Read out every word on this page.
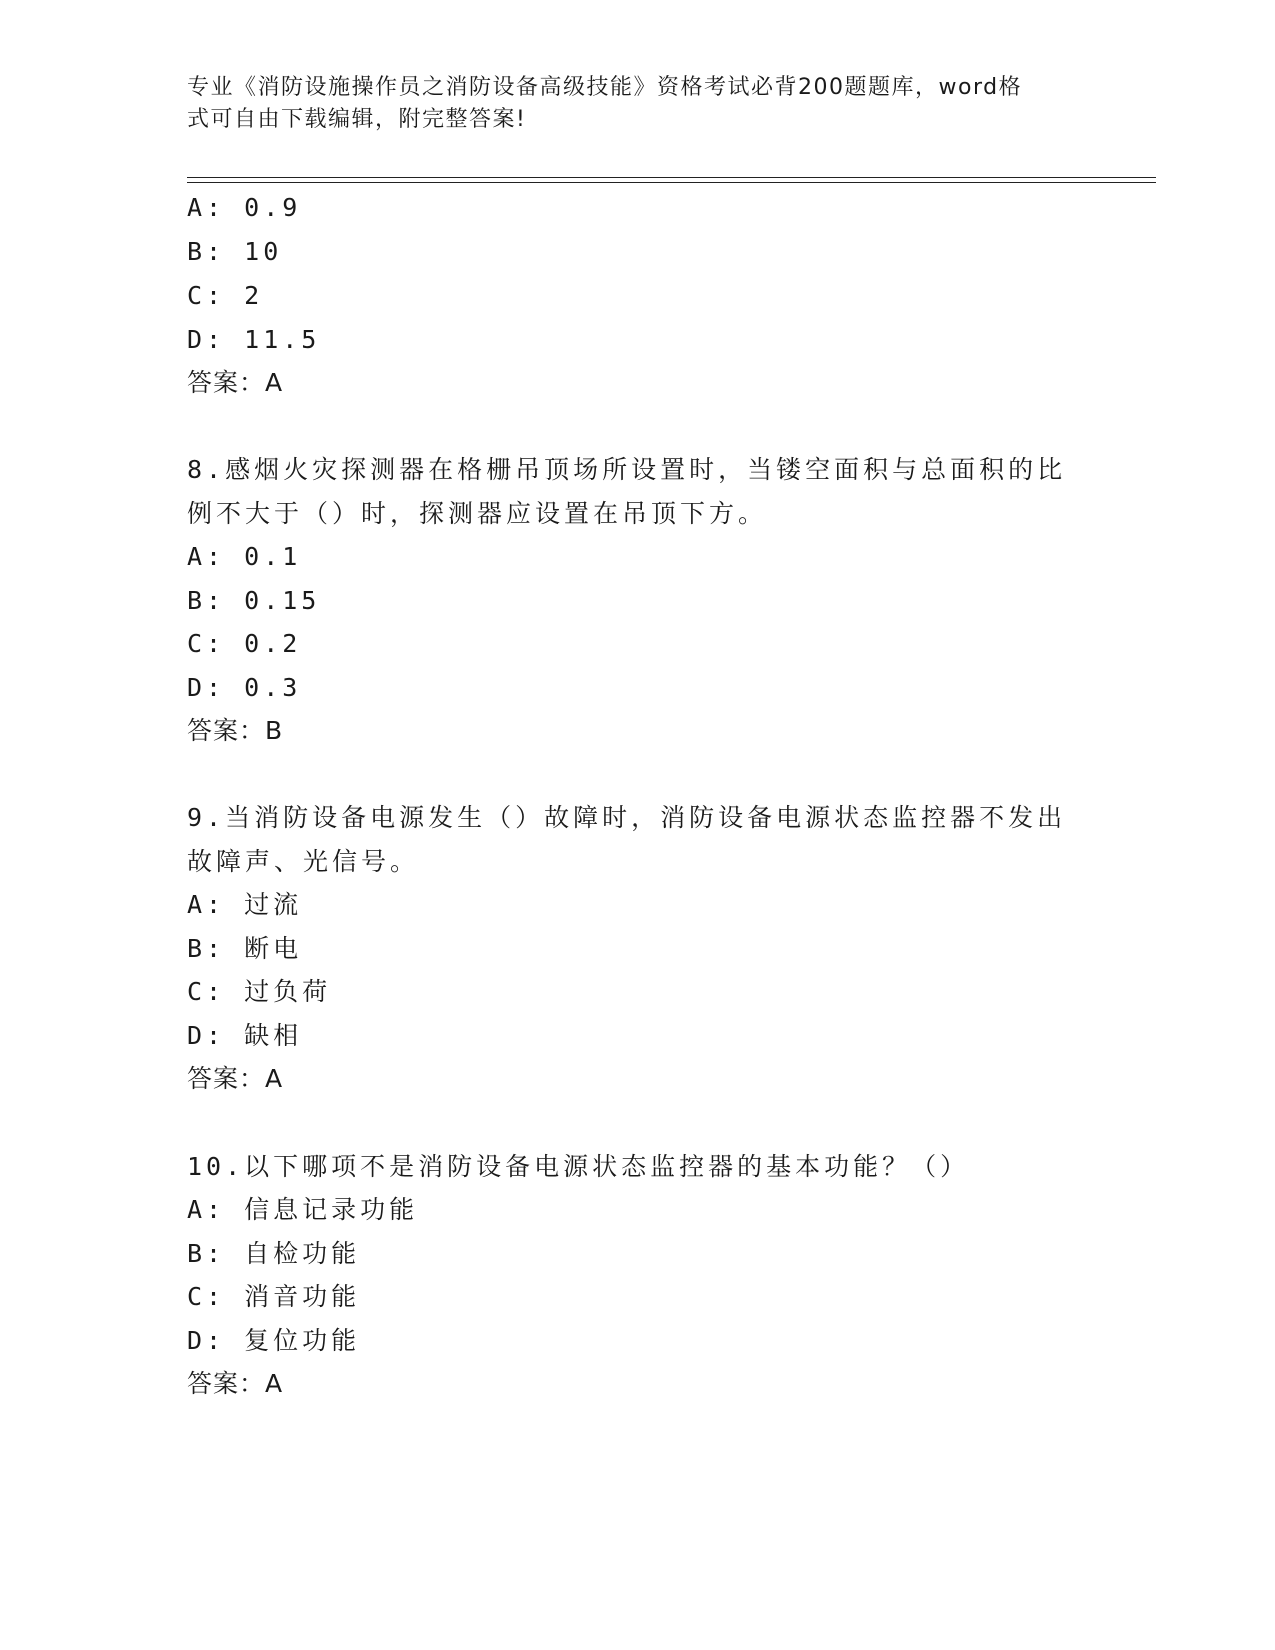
专业《消防设施操作员之消防设备高级技能》资格考试必背200题题库，word格
式可自由下载编辑，附完整答案!
A: 0.9
B: 10
C: 2
D: 11.5
答案：A
8.感烟火灾探测器在格栅吊顶场所设置时，当镂空面积与总面积的比
例不大于（）时，探测器应设置在吊顶下方。
A: 0.1
B: 0.15
C: 0.2
D: 0.3
答案：B
9.当消防设备电源发生（）故障时，消防设备电源状态监控器不发出
故障声、光信号。
A: 过流
B: 断电
C: 过负荷
D: 缺相
答案：A
10.以下哪项不是消防设备电源状态监控器的基本功能？（）
A: 信息记录功能
B: 自检功能
C: 消音功能
D: 复位功能
答案：A
